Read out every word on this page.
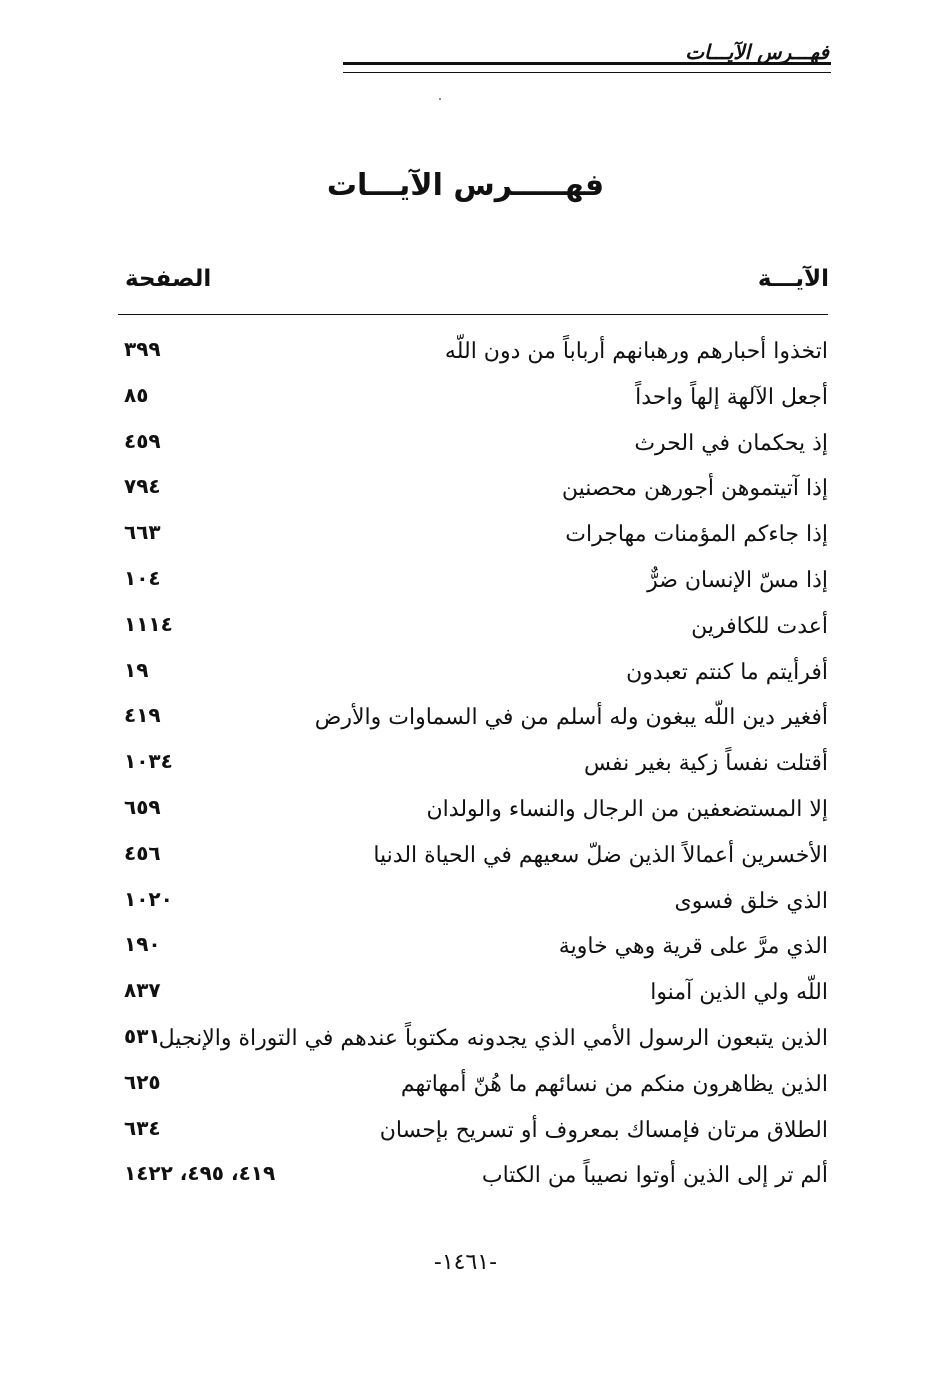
فهـــرس الآيـــات
فهـــــرس الآيـــات
الآيـــة
الصفحة
اتخذوا أحبارهم ورهبانهم أرباباً من دون اللّه
٣٩٩
أجعل الآلهة إلهاً واحداً
٨٥
إذ يحكمان في الحرث
٤٥٩
إذا آتيتموهن أجورهن محصنين
٧٩٤
إذا جاءكم المؤمنات مهاجرات
٦٦٣
إذا مسّ الإنسان ضرٌّ
١٠٤
أعدت للكافرين
١١١٤
أفرأيتم ما كنتم تعبدون
١٩
أفغير دين اللّه يبغون وله أسلم من في السماوات والأرض
٤١٩
أقتلت نفساً زكية بغير نفس
١٠٣٤
إلا المستضعفين من الرجال والنساء والولدان
٦٥٩
الأخسرين أعمالاً الذين ضلّ سعيهم في الحياة الدنيا
٤٥٦
الذي خلق فسوى
١٠٢٠
الذي مرَّ على قرية وهي خاوية
١٩٠
اللّه ولي الذين آمنوا
٨٣٧
الذين يتبعون الرسول الأمي الذي يجدونه مكتوباً عندهم في التوراة والإنجيل
٥٣١
الذين يظاهرون منكم من نسائهم ما هُنّ أمهاتهم
٦٢٥
الطلاق مرتان فإمساك بمعروف أو تسريح بإحسان
٦٣٤
ألم تر إلى الذين أوتوا نصيباً من الكتاب
٤١٩، ٤٩٥، ١٤٢٢
-١٤٦١-
